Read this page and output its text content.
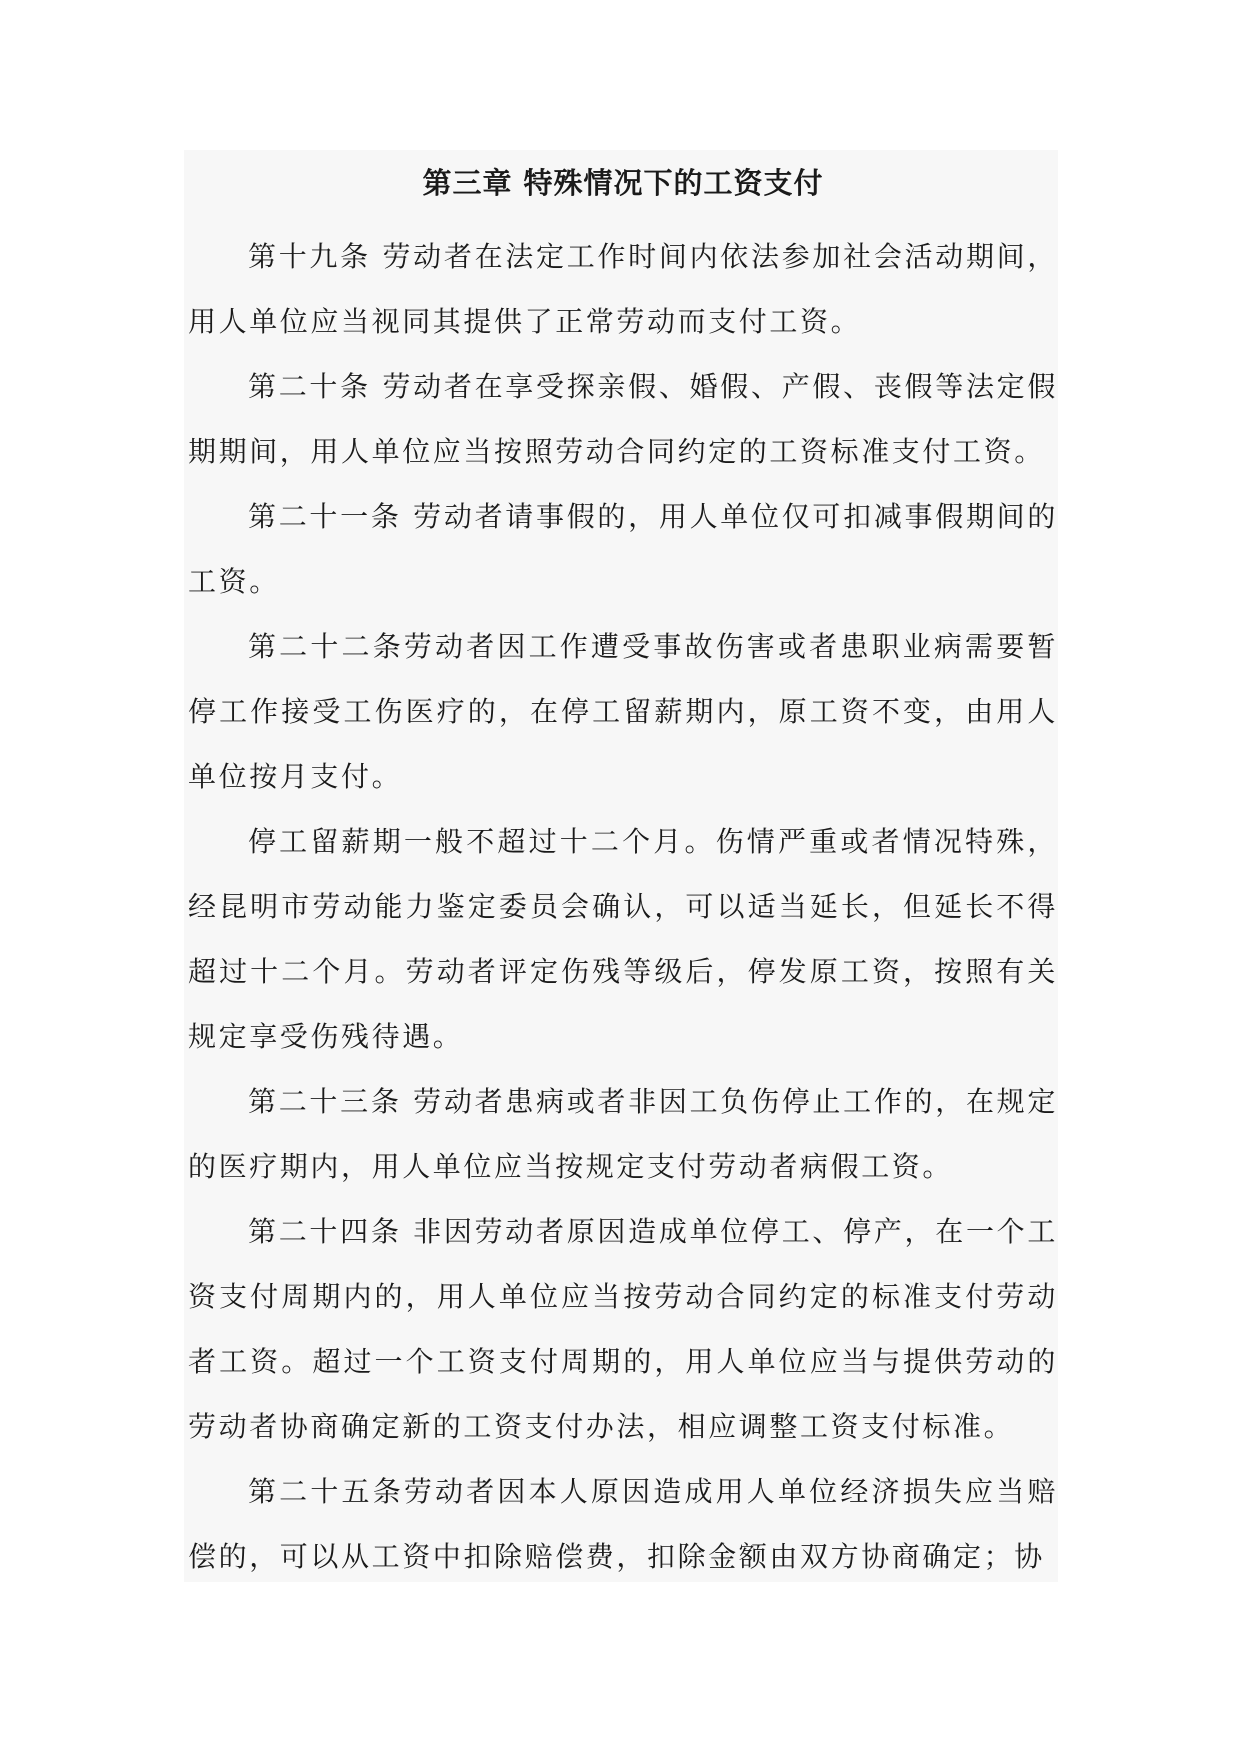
第三章 特殊情况下的工资支付

第十九条 劳动者在法定工作时间内依法参加社会活动期间，用人单位应当视同其提供了正常劳动而支付工资。

第二十条 劳动者在享受探亲假、婚假、产假、丧假等法定假期期间，用人单位应当按照劳动合同约定的工资标准支付工资。

第二十一条 劳动者请事假的，用人单位仅可扣减事假期间的工资。

第二十二条劳动者因工作遭受事故伤害或者患职业病需要暂停工作接受工伤医疗的，在停工留薪期内，原工资不变，由用人单位按月支付。

停工留薪期一般不超过十二个月。伤情严重或者情况特殊，经昆明市劳动能力鉴定委员会确认，可以适当延长，但延长不得超过十二个月。劳动者评定伤残等级后，停发原工资，按照有关规定享受伤残待遇。

第二十三条 劳动者患病或者非因工负伤停止工作的，在规定的医疗期内，用人单位应当按规定支付劳动者病假工资。

第二十四条 非因劳动者原因造成单位停工、停产，在一个工资支付周期内的，用人单位应当按劳动合同约定的标准支付劳动者工资。超过一个工资支付周期的，用人单位应当与提供劳动的劳动者协商确定新的工资支付办法，相应调整工资支付标准。

第二十五条劳动者因本人原因造成用人单位经济损失应当赔偿的，可以从工资中扣除赔偿费，扣除金额由双方协商确定；协
